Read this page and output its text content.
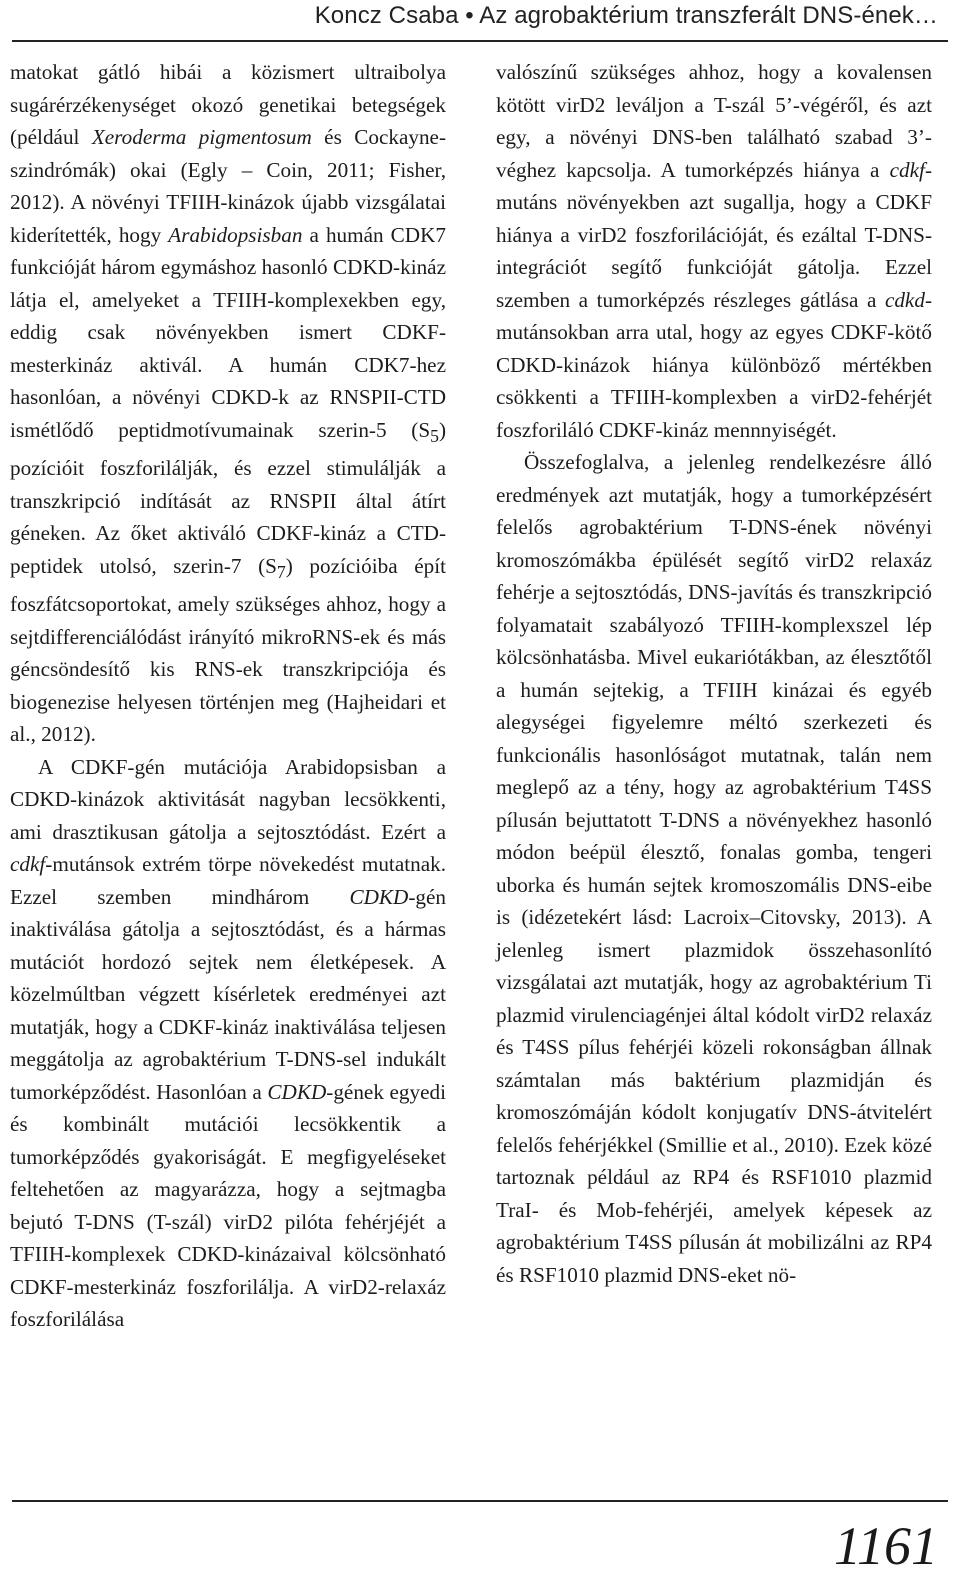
Koncz Csaba • Az agrobaktérium transzferált DNS-ének…

matokat gátló hibái a közismert ultraibolya sugárérzékenységet okozó genetikai betegségek (például Xeroderma pigmentosum és Cockayne-szindrómák) okai (Egly – Coin, 2011; Fisher, 2012). A növényi TFIIH-kinázok újabb vizsgálatai kiderítették, hogy Arabidopsisban a humán CDK7 funkcióját három egymáshoz hasonló CDKD-kináz látja el, amelyeket a TFIIH-komplexekben egy, eddig csak növényekben ismert CDKF-mesterkináz aktivál. A humán CDK7-hez hasonlóan, a növényi CDKD-k az RNSPII-CTD ismétlődő peptidmotívumainak szerin-5 $(S_5)$ pozícióit foszforilálják, és ezzel stimulálják a transzkripció indítását az RNSPII által átírt géneken. Az őket aktiváló CDKF-kináz a CTD-peptidek utolsó, szerin-7 $(S_7)$ pozícióiba épít foszfátcsoportokat, amely szükséges ahhoz, hogy a sejtdifferenciálódást irányító mikroRNS-ek és más géncsöndesítő kis RNS-ek transzkripciója és biogenezise helyesen történjen meg (Hajheidari et al., 2012).

A CDKF-gén mutációja Arabidopsisban a CDKD-kinázok aktivitását nagyban lecsökkenti, ami drasztikusan gátolja a sejtosztódást. Ezért a cdkf-mutánsok extrém törpe növekedést mutatnak. Ezzel szemben mindhárom CDKD-gén inaktiválása gátolja a sejtosztódást, és a hármas mutációt hordozó sejtek nem életképesek. A közelmúltban végzett kísérletek eredményei azt mutatják, hogy a CDKF-kináz inaktiválása teljesen meggátolja az agrobaktérium T-DNS-sel indukált tumorképződést. Hasonlóan a CDKD-gének egyedi és kombinált mutációi lecsökkentik a tumorképződés gyakoriságát. E megfigyeléseket feltehetően az magyarázza, hogy a sejtmagba bejutó T-DNS (T-szál) virD2 pilóta fehérjéjét a TFIIH-komplexek CDKD-kinázaival kölcsönható CDKF-mesterkináz foszforilálja. A virD2-relaxáz foszforilálása

valószínű szükséges ahhoz, hogy a kovalensen kötött virD2 leváljon a T-szál 5’-végéről, és azt egy, a növényi DNS-ben található szabad 3’-véghez kapcsolja. A tumorképzés hiánya a cdkf-mutáns növényekben azt sugallja, hogy a CDKF hiánya a virD2 foszforilációját, és ezáltal T-DNS-integrációt segítő funkcióját gátolja. Ezzel szemben a tumorképzés részleges gátlása a cdkd-mutánsokban arra utal, hogy az egyes CDKF-kötő CDKD-kinázok hiánya különböző mértékben csökkenti a TFIIH-komplexben a virD2-fehérjét foszforiláló CDKF-kináz mennnyiségét.

Összefoglalva, a jelenleg rendelkezésre álló eredmények azt mutatják, hogy a tumorképzésért felelős agrobaktérium T-DNS-ének növényi kromoszómákba épülését segítő virD2 relaxáz fehérje a sejtosztódás, DNS-javítás és transzkripció folyamatait szabályozó TFIIH-komplexszel lép kölcsönhatásba. Mivel eukariótákban, az élesztőtől a humán sejtekig, a TFIIH kinázai és egyéb alegységei figyelemre méltó szerkezeti és funkcionális hasonlóságot mutatnak, talán nem meglepő az a tény, hogy az agrobaktérium T4SS pílusán bejuttatott T-DNS a növényekhez hasonló módon beépül élesztő, fonalas gomba, tengeri uborka és humán sejtek kromoszomális DNS-eibe is (idézetekért lásd: Lacroix–Citovsky, 2013). A jelenleg ismert plazmidok összehasonlító vizsgálatai azt mutatják, hogy az agrobaktérium Ti plazmid virulenciagénjei által kódolt virD2 relaxáz és T4SS pílus fehérjéi közeli rokonságban állnak számtalan más baktérium plazmidján és kromoszómáján kódolt konjugatív DNS-átvitelért felelős fehérjékkel (Smillie et al., 2010). Ezek közé tartoznak például az RP4 és RSF1010 plazmid TraI- és Mob-fehérjéi, amelyek képesek az agrobaktérium T4SS pílusán át mobilizálni az RP4 és RSF1010 plazmid DNS-eket nö-

1161
